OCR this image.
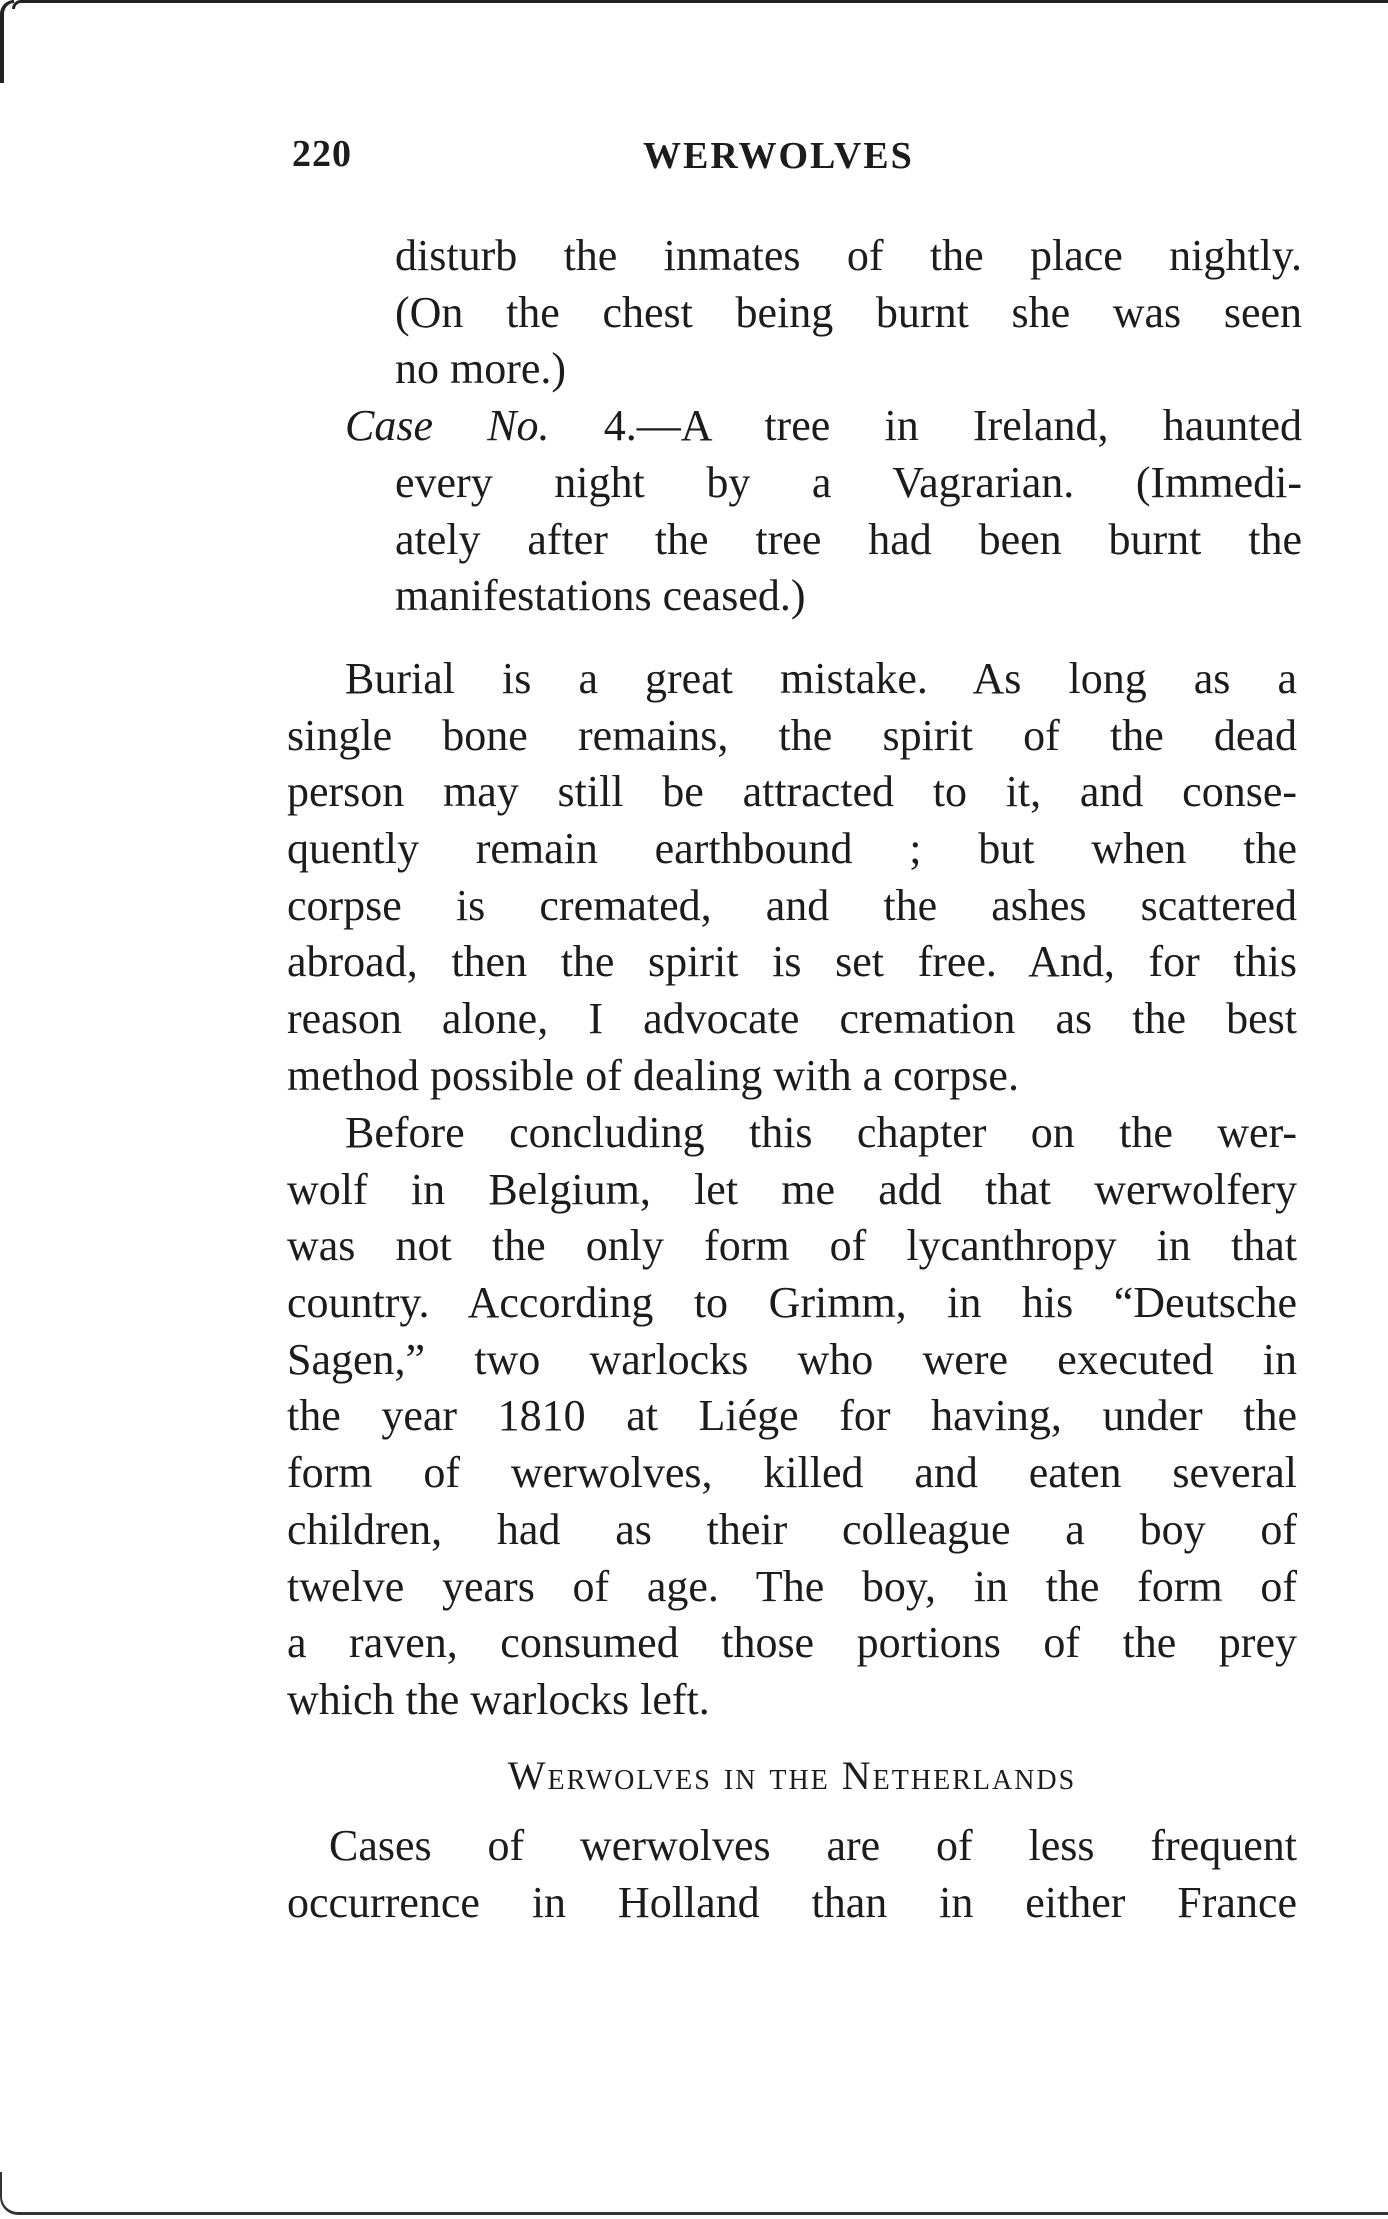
220	WERWOLVES
disturb the inmates of the place nightly.
(On the chest being burnt she was seen
no more.)
Case No. 4.—A tree in Ireland, haunted
every night by a Vagrarian. (Immedi-
ately after the tree had been burnt the
manifestations ceased.)
Burial is a great mistake. As long as a
single bone remains, the spirit of the dead
person may still be attracted to it, and conse-
quently remain earthbound ; but when the
corpse is cremated, and the ashes scattered
abroad, then the spirit is set free. And, for this
reason alone, I advocate cremation as the best
method possible of dealing with a corpse.
Before concluding this chapter on the wer-
wolf in Belgium, let me add that werwolfery
was not the only form of lycanthropy in that
country. According to Grimm, in his “Deutsche
Sagen,” two warlocks who were executed in
the year 1810 at Liége for having, under the
form of werwolves, killed and eaten several
children, had as their colleague a boy of
twelve years of age. The boy, in the form of
a raven, consumed those portions of the prey
which the warlocks left.
Werwolves in the Netherlands
Cases of werwolves are of less frequent
occurrence in Holland than in either France
